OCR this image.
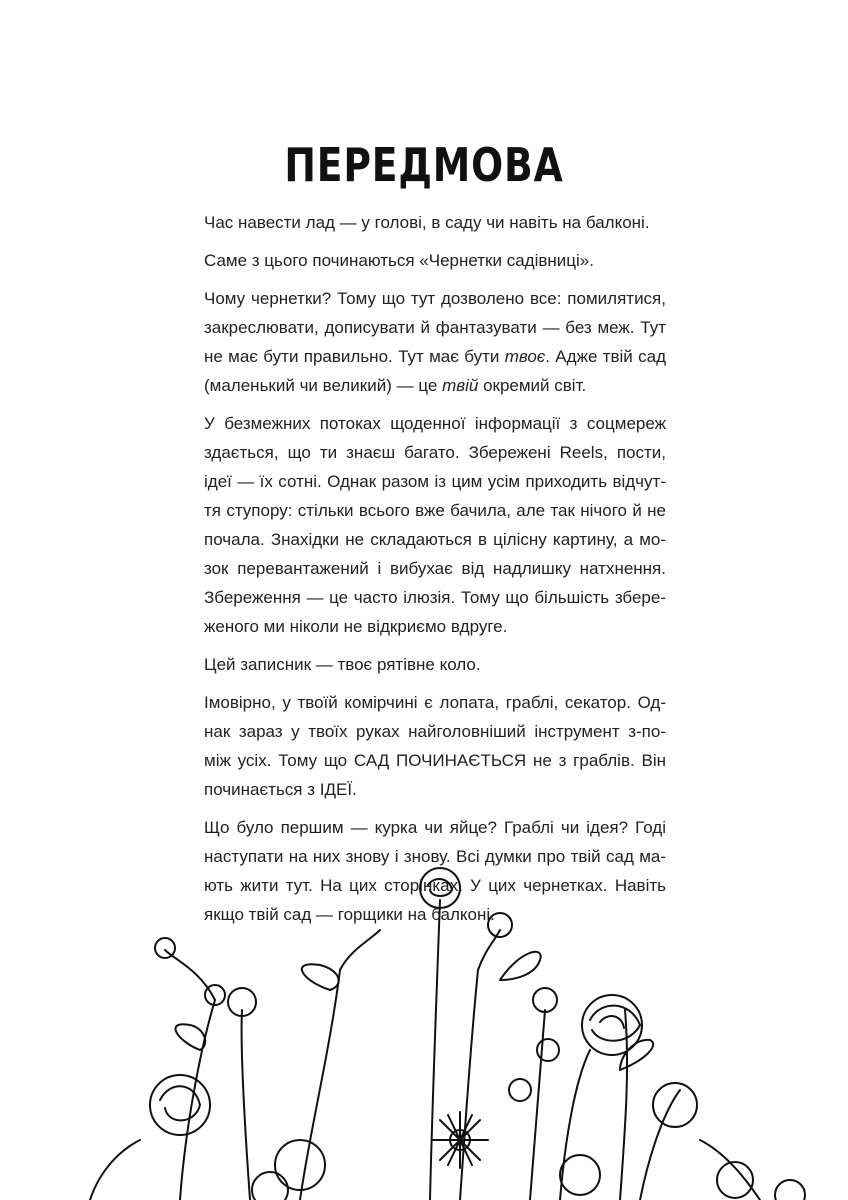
ПЕРЕДМОВА
Час навести лад — у голові, в саду чи навіть на балконі.
Саме з цього починаються «Чернетки садівниці».
Чому чернетки? Тому що тут дозволено все: помилятися,
закреслювати, дописувати й фантазувати — без меж. Тут
не має бути правильно. Тут має бути твоє. Адже твій сад
(маленький чи великий) — це твій окремий світ.
У безмежних потоках щоденної інформації з соцмереж
здається, що ти знаєш багато. Збережені Reels, пости,
ідеї — їх сотні. Однак разом із цим усім приходить відчут-
тя ступору: стільки всього вже бачила, але так нічого й не
почала. Знахідки не складаються в цілісну картину, а мо-
зок перевантажений і вибухає від надлишку натхнення.
Збереження — це часто ілюзія. Тому що більшість збере-
женого ми ніколи не відкриємо вдруге.
Цей записник — твоє рятівне коло.
Імовірно, у твоїй комірчині є лопата, граблі, секатор. Од-
нак зараз у твоїх руках найголовніший інструмент з-по-
між усіх. Тому що САД ПОЧИНАЄТЬСЯ не з граблів. Він
починається з ІДЕЇ.
Що було першим — курка чи яйце? Граблі чи ідея? Годі
наступати на них знову і знову. Всі думки про твій сад ма-
ють жити тут. На цих сторінках. У цих чернетках. Навіть
якщо твій сад — горщики на балконі.
